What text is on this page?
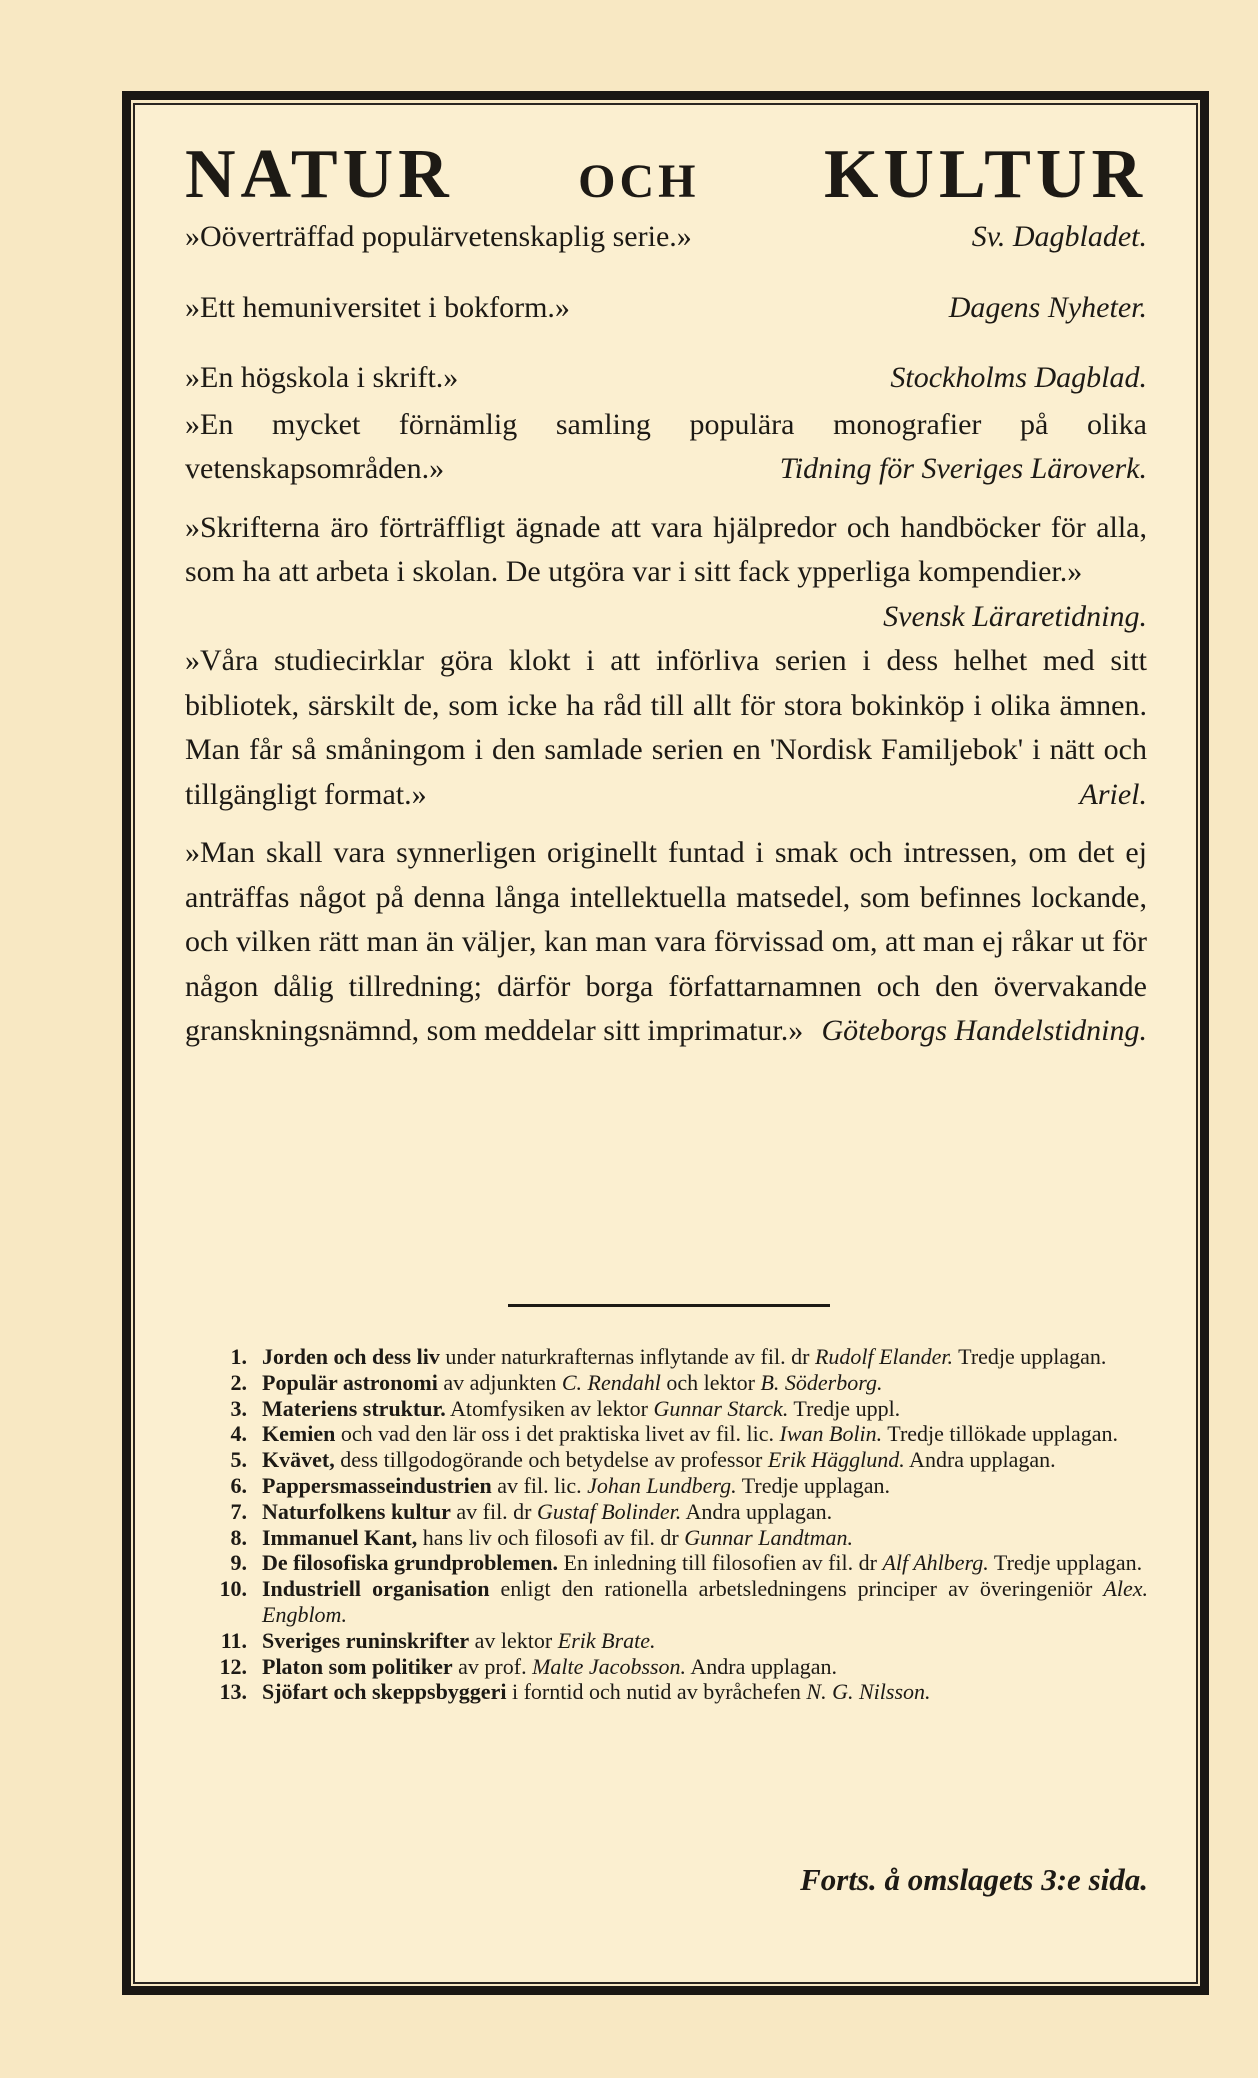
NATUR	OCH KULTUR
»Oöverträffad populärvetenskaplig serie.»	Sv. Dagbladet.
»Ett hemuniversitet i bokform.»	Dagens Nyheter.
»En högskola i skrift.»	Stockholms Dagblad.
»En mycket förnämlig samling populära monografier på olika vetenskapsområden.»	Tidning för Sveriges Läroverk.
»Skrifterna äro förträffligt ägnade att vara hjälpredor och handböcker för alla, som ha att arbeta i skolan. De utgöra var i sitt fack ypperliga kompendier.»
Svensk Läraretidning.
»Våra studiecirklar göra klokt i att införliva serien i dess helhet med sitt bibliotek, särskilt de, som icke ha råd till allt för stora bokinköp i olika ämnen. Man får så småningom i den samlade serien en 'Nordisk Familjebok' i nätt och tillgängligt format.»	Ariel.
»Man skall vara synnerligen originellt funtad i smak och intressen, om det ej anträffas något på denna långa intellektuella matsedel, som befinnes lockande, och vilken rätt man än väljer, kan man vara förvissad om, att man ej råkar ut för någon dålig tillredning; därför borga författarnamnen och den övervakande granskningsnämnd, som meddelar sitt imprimatur.» Göteborgs Handelstidning.
1. Jorden och dess liv under naturkrafternas inflytande av fil. dr Rudolf Elander. Tredje upplagan.
2. Populär astronomi av adjunkten C. Rendahl och lektor B. Söderborg.
3. Materiens struktur. Atomfysiken av lektor Gunnar Starck. Tredje uppl.
4. Kemien och vad den lär oss i det praktiska livet av fil. lic. Iwan Bolin. Tredje tillökade upplagan.
5. Kvävet, dess tillgodogörande och betydelse av professor Erik Hägglund. Andra upplagan.
6. Pappersmasseindustrien av fil. lic. Johan Lundberg. Tredje upplagan.
7. Naturfolkens kultur av fil. dr Gustaf Bolinder. Andra upplagan.
8. Immanuel Kant, hans liv och filosofi av fil. dr Gunnar Landtman.
9. De filosofiska grundproblemen. En inledning till filosofien av fil. dr Alf Ahlberg. Tredje upplagan.
10. Industriell organisation enligt den rationella arbetsledningens principer av överingeniör Alex. Engblom.
11. Sveriges runinskrifter av lektor Erik Brate.
12. Platon som politiker av prof. Malte Jacobsson. Andra upplagan.
13. Sjöfart och skeppsbyggeri i forntid och nutid av byråchefen N. G. Nilsson.
Forts. å omslagets 3:e sida.
